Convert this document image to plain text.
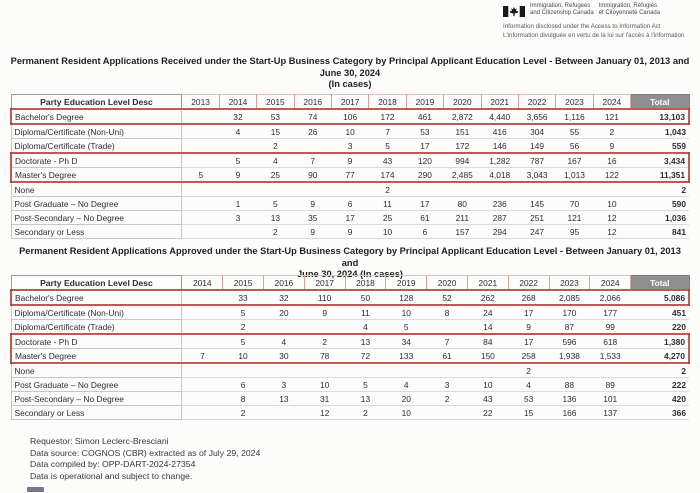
Immigration, Refugees
and Citizenship Canada
Immigration, Réfugiés
et Citoyenneté Canada
Information disclosed under the Access to Information Act
L'information divulguée en vertu de la loi sur l'accès à l'information
Permanent Resident Applications Received under the Start-Up Business Category by Principal Applicant Education Level - Between January 01, 2013 and June 30, 2024
(In cases)
Party Education Level Desc	2013	2014	2015	2016	2017	2018	2019	2020	2021	2022	2023	2024	Total
Bachelor's Degree		32	53	74	106	172	461	2,872	4,440	3,656	1,116	121	13,103
Diploma/Certificate (Non-Uni)		4	15	26	10	7	53	151	416	304	55	2	1,043
Diploma/Certificate (Trade)			2		3	5	17	172	146	149	56	9	559
Doctorate - Ph D		5	4	7	9	43	120	994	1,282	787	167	16	3,434
Master's Degree	5	9	25	90	77	174	290	2,485	4,018	3,043	1,013	122	11,351
None						2							2
Post Graduate – No Degree		1	5	9	6	11	17	80	236	145	70	10	590
Post-Secondary – No Degree		3	13	35	17	25	61	211	287	251	121	12	1,036
Secondary or Less			2	9	9	10	6	157	294	247	95	12	841
Permanent Resident Applications Approved under the Start-Up Business Category by Principal Applicant Education Level - Between January 01, 2013 and
June 30, 2024 (In cases)
Party Education Level Desc	2014	2015	2016	2017	2018	2019	2020	2021	2022	2023	2024	Total
Bachelor's Degree		33	32	110	50	128	52	262	268	2,085	2,066	5,086
Diploma/Certificate (Non-Uni)		5	20	9	11	10	8	24	17	170	177	451
Diploma/Certificate (Trade)		2			4	5		14	9	87	99	220
Doctorate - Ph D		5	4	2	13	34	7	84	17	596	618	1,380
Master's Degree	7	10	30	78	72	133	61	150	258	1,938	1,533	4,270
None									2			2
Post Graduate – No Degree		6	3	10	5	4	3	10	4	88	89	222
Post-Secondary – No Degree		8	13	31	13	20	2	43	53	136	101	420
Secondary or Less		2		12	2	10		22	15	166	137	366
Requestor: Simon Leclerc-Bresciani
Data source: COGNOS (CBR) extracted as of July 29, 2024
Data compiled by: OPP-DART-2024-27354
Data is operational and subject to change.
